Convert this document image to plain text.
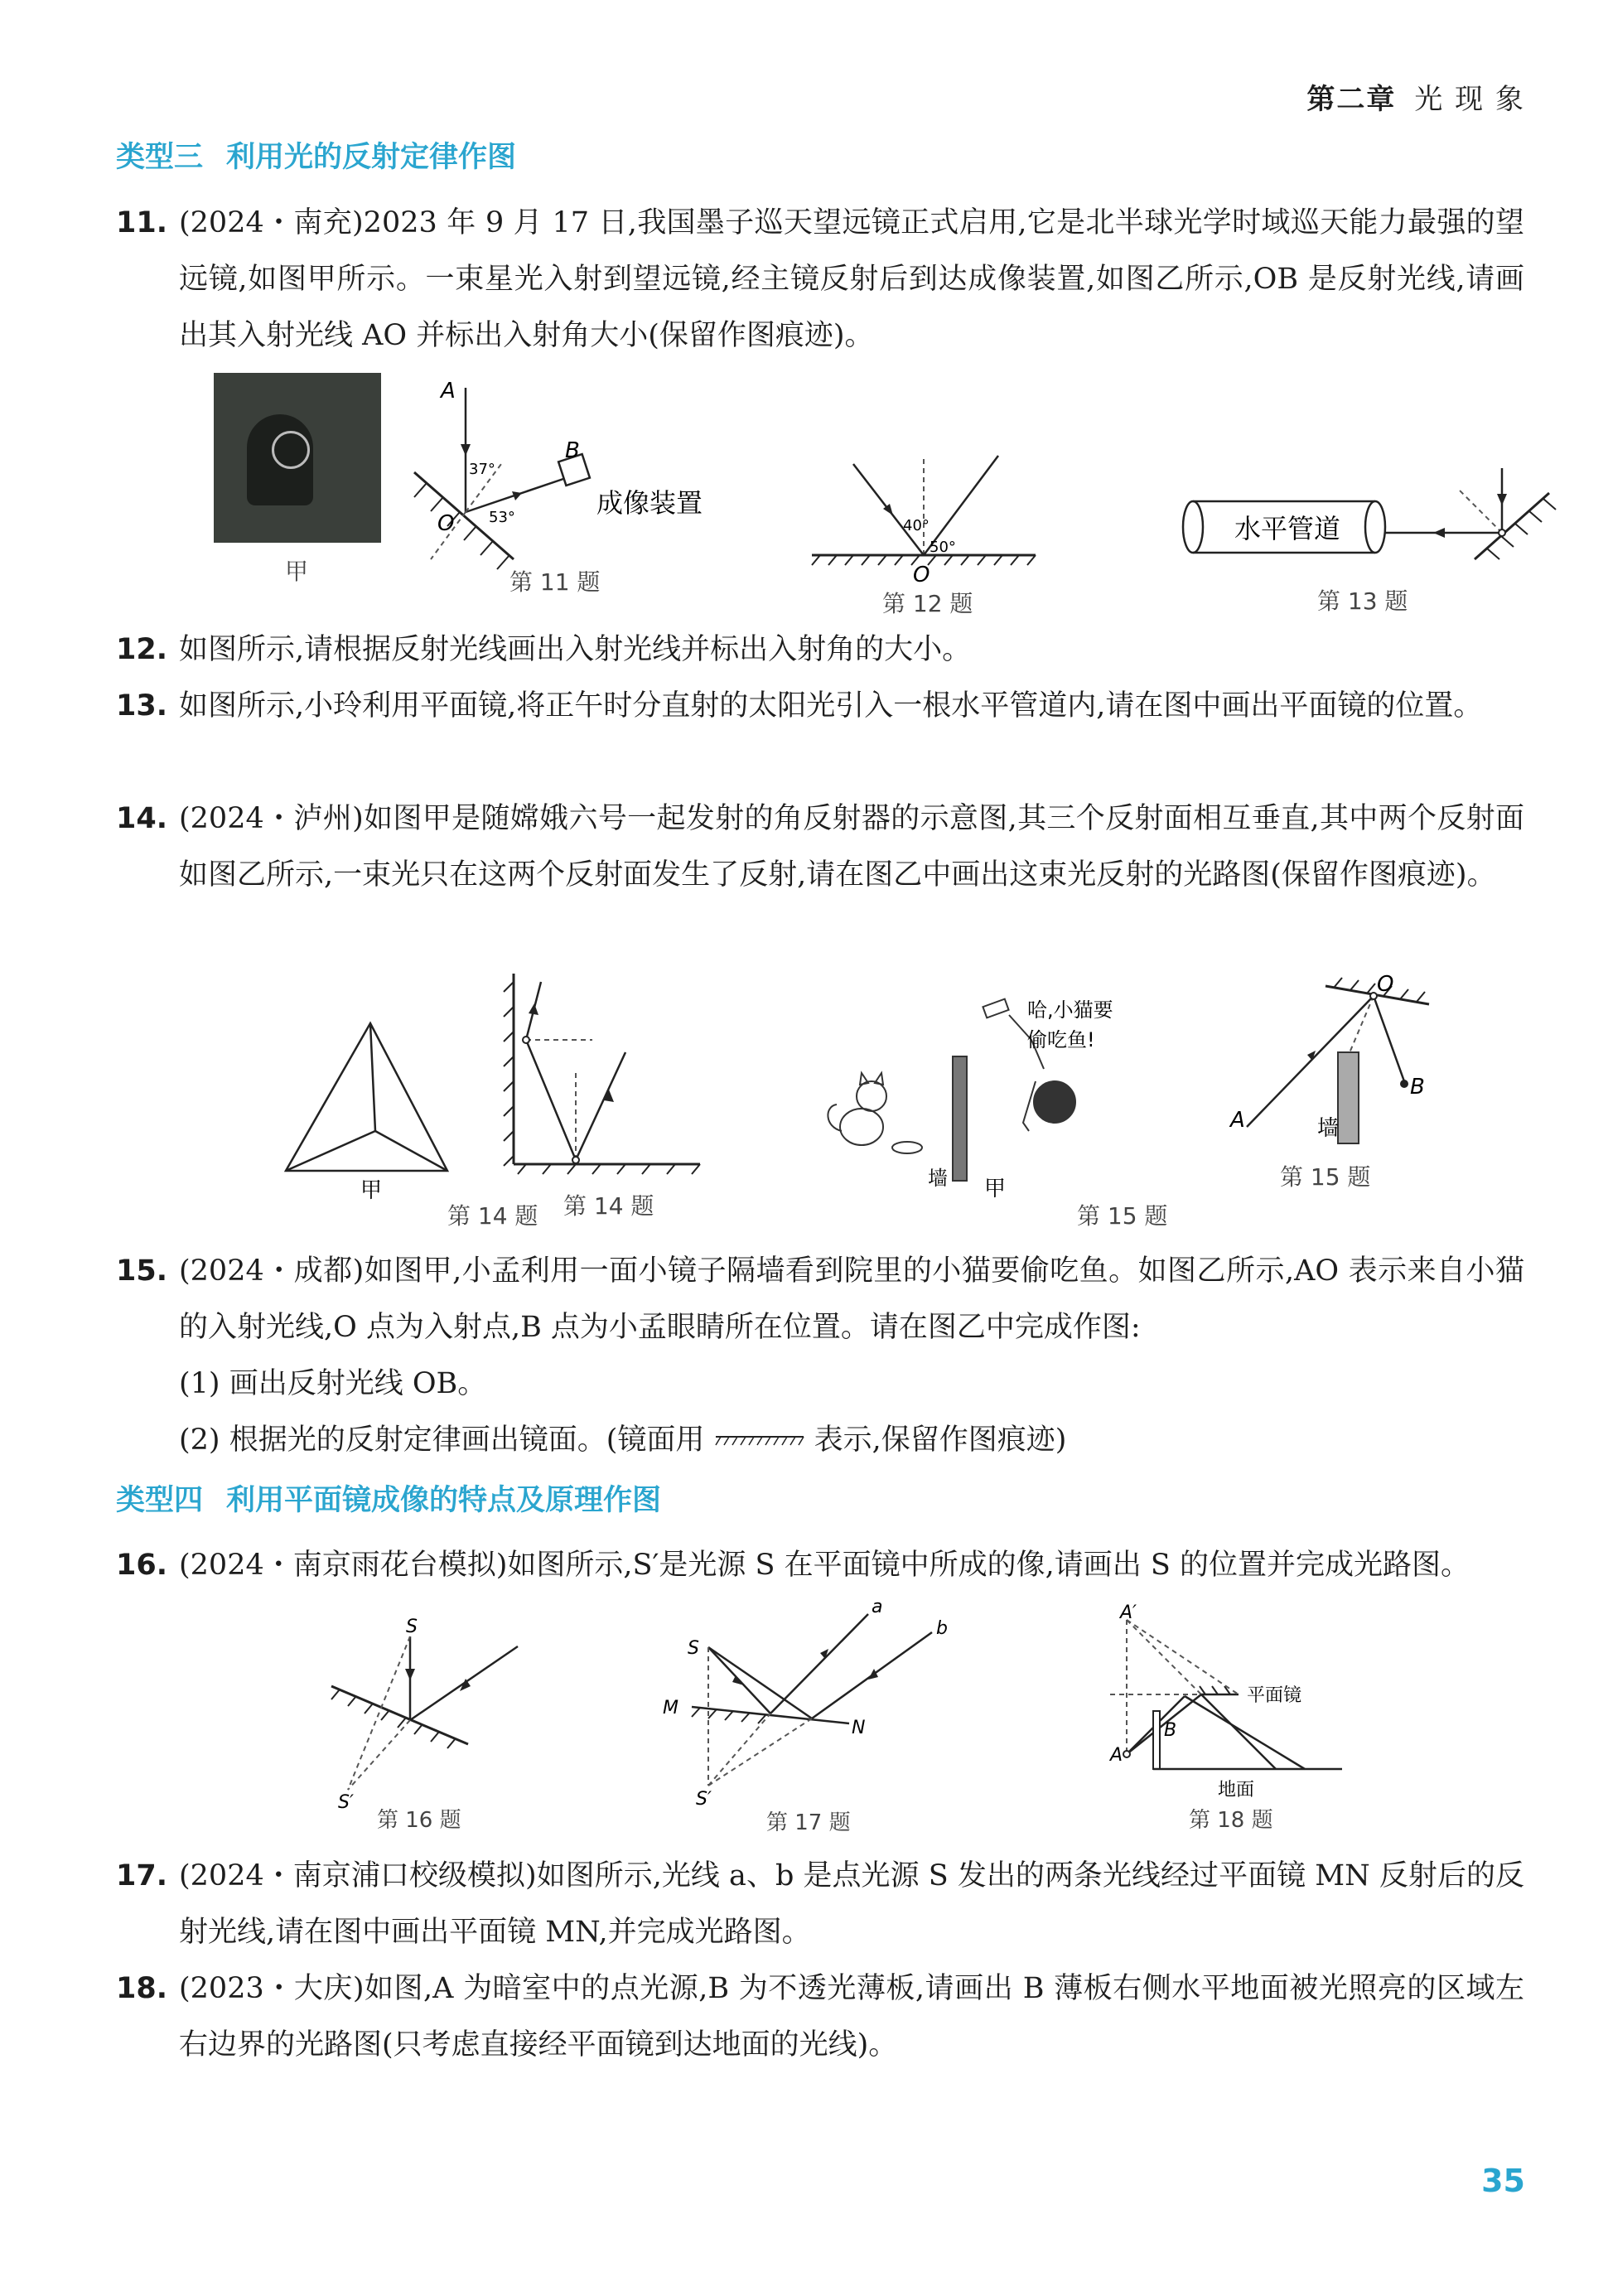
第二章 光 现 象
类型三 利用光的反射定律作图
11. (2024・南充)2023 年 9 月 17 日,我国墨子巡天望远镜正式启用,它是北半球光学时域巡天能力最强的望远镜,如图甲所示。一束星光入射到望远镜,经主镜反射后到达成像装置,如图乙所示,OB 是反射光线,请画出其入射光线 AO 并标出入射角大小(保留作图痕迹)。
甲
A
B
O
37°
53°	成像装置
第 11 题
40°
50°
O
第 12 题
水平管道
第 13 题
12. 如图所示,请根据反射光线画出入射光线并标出入射角的大小。
13. 如图所示,小玲利用平面镜,将正午时分直射的太阳光引入一根水平管道内,请在图中画出平面镜的位置。
14. (2024・泸州)如图甲是随嫦娥六号一起发射的角反射器的示意图,其三个反射面相互垂直,其中两个反射面如图乙所示,一束光只在这两个反射面发生了反射,请在图乙中画出这束光反射的光路图(保留作图痕迹)。
甲
第 14 题 第 14 题
墙
哈,小猫要
偷吃鱼!
甲
第 15 题
墙
A
B
O
第 15 题
15. (2024・成都)如图甲,小孟利用一面小镜子隔墙看到院里的小猫要偷吃鱼。如图乙所示,AO 表示来自小猫的入射光线,O 点为入射点,B 点为小孟眼睛所在位置。请在图乙中完成作图:
(1) 画出反射光线 OB。
(2) 根据光的反射定律画出镜面。(镜面用	表示,保留作图痕迹)
类型四 利用平面镜成像的特点及原理作图
16. (2024・南京雨花台模拟)如图所示,S′是光源 S 在平面镜中所成的像,请画出 S 的位置并完成光路图。
S
S′
第 16 题
S
S′
a
b
M
N
第 17 题
平面镜
A′
A
B
地面
第 18 题
17. (2024・南京浦口校级模拟)如图所示,光线 a、b 是点光源 S 发出的两条光线经过平面镜 MN 反射后的反射光线,请在图中画出平面镜 MN,并完成光路图。
18. (2023・大庆)如图,A 为暗室中的点光源,B 为不透光薄板,请画出 B 薄板右侧水平地面被光照亮的区域左右边界的光路图(只考虑直接经平面镜到达地面的光线)。
35
